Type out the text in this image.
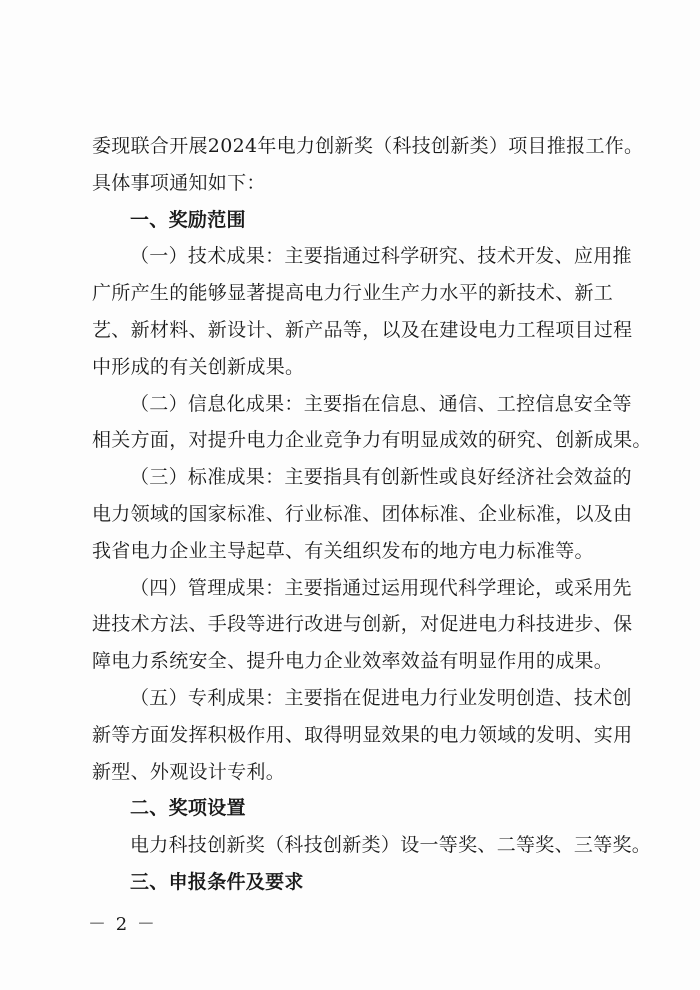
委现联合开展2024年电力创新奖（科技创新类）项目推报工作。
具体事项通知如下：
一、奖励范围
（一）技术成果：主要指通过科学研究、技术开发、应用推
广所产生的能够显著提高电力行业生产力水平的新技术、新工
艺、新材料、新设计、新产品等，以及在建设电力工程项目过程
中形成的有关创新成果。
（二）信息化成果：主要指在信息、通信、工控信息安全等
相关方面，对提升电力企业竞争力有明显成效的研究、创新成果。
（三）标准成果：主要指具有创新性或良好经济社会效益的
电力领域的国家标准、行业标准、团体标准、企业标准，以及由
我省电力企业主导起草、有关组织发布的地方电力标准等。
（四）管理成果：主要指通过运用现代科学理论，或采用先
进技术方法、手段等进行改进与创新，对促进电力科技进步、保
障电力系统安全、提升电力企业效率效益有明显作用的成果。
（五）专利成果：主要指在促进电力行业发明创造、技术创
新等方面发挥积极作用、取得明显效果的电力领域的发明、实用
新型、外观设计专利。
二、奖项设置
电力科技创新奖（科技创新类）设一等奖、二等奖、三等奖。
三、申报条件及要求
－ 2 －
